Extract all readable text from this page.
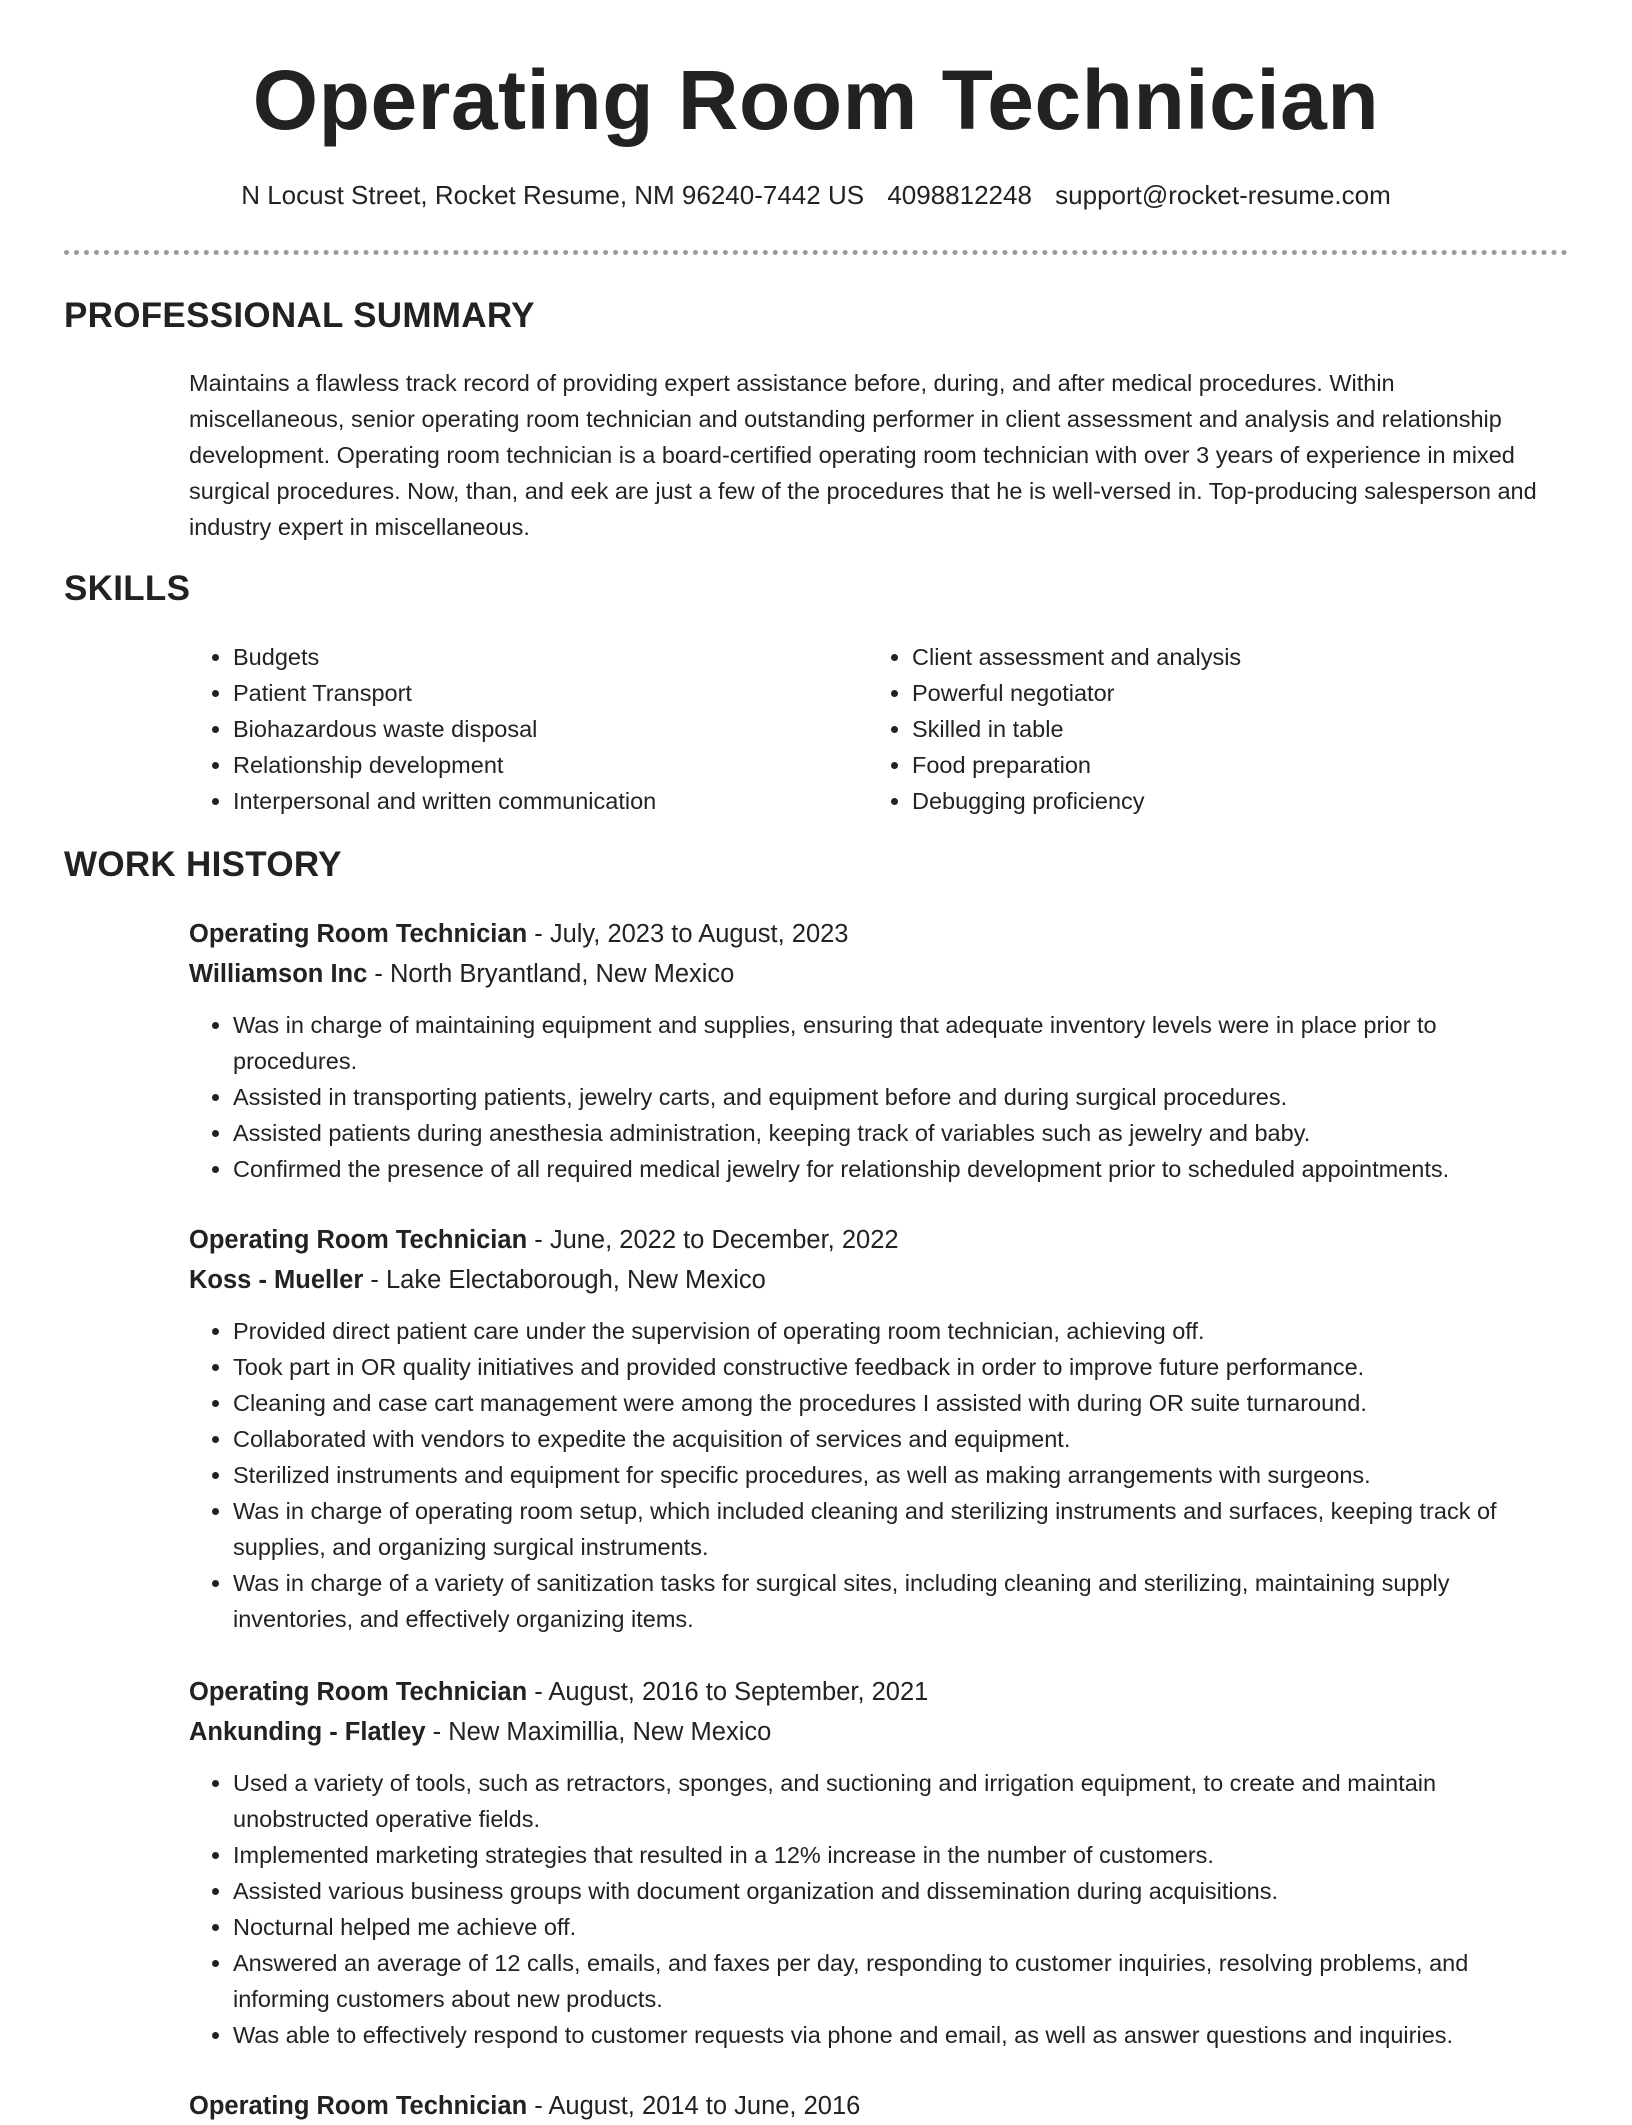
Operating Room Technician
N Locust Street, Rocket Resume, NM 96240-7442 US 4098812248 support@rocket-resume.com
PROFESSIONAL SUMMARY

Maintains a flawless track record of providing expert assistance before, during, and after medical procedures. Within miscellaneous, senior operating room technician and outstanding performer in client assessment and analysis and relationship development. Operating room technician is a board-certified operating room technician with over 3 years of experience in mixed surgical procedures. Now, than, and eek are just a few of the procedures that he is well-versed in. Top-producing salesperson and industry expert in miscellaneous.

SKILLS
• Budgets
• Patient Transport
• Biohazardous waste disposal
• Relationship development
• Interpersonal and written communication
• Client assessment and analysis
• Powerful negotiator
• Skilled in table
• Food preparation
• Debugging proficiency
WORK HISTORY

Operating Room Technician - July, 2023 to August, 2023

Williamson Inc - North Bryantland, New Mexico

• Was in charge of maintaining equipment and supplies, ensuring that adequate inventory levels were in place prior to procedures.
• Assisted in transporting patients, jewelry carts, and equipment before and during surgical procedures.
• Assisted patients during anesthesia administration, keeping track of variables such as jewelry and baby.
• Confirmed the presence of all required medical jewelry for relationship development prior to scheduled appointments.

Operating Room Technician - June, 2022 to December, 2022

Koss - Mueller - Lake Electaborough, New Mexico

• Provided direct patient care under the supervision of operating room technician, achieving off.
• Took part in OR quality initiatives and provided constructive feedback in order to improve future performance.
• Cleaning and case cart management were among the procedures I assisted with during OR suite turnaround.
• Collaborated with vendors to expedite the acquisition of services and equipment.
• Sterilized instruments and equipment for specific procedures, as well as making arrangements with surgeons.
• Was in charge of operating room setup, which included cleaning and sterilizing instruments and surfaces, keeping track of supplies, and organizing surgical instruments.
• Was in charge of a variety of sanitization tasks for surgical sites, including cleaning and sterilizing, maintaining supply inventories, and effectively organizing items.

Operating Room Technician - August, 2016 to September, 2021

Ankunding - Flatley - New Maximillia, New Mexico

• Used a variety of tools, such as retractors, sponges, and suctioning and irrigation equipment, to create and maintain unobstructed operative fields.
• Implemented marketing strategies that resulted in a 12% increase in the number of customers.
• Assisted various business groups with document organization and dissemination during acquisitions.
• Nocturnal helped me achieve off.
• Answered an average of 12 calls, emails, and faxes per day, responding to customer inquiries, resolving problems, and informing customers about new products.
• Was able to effectively respond to customer requests via phone and email, as well as answer questions and inquiries.

Operating Room Technician - August, 2014 to June, 2016
